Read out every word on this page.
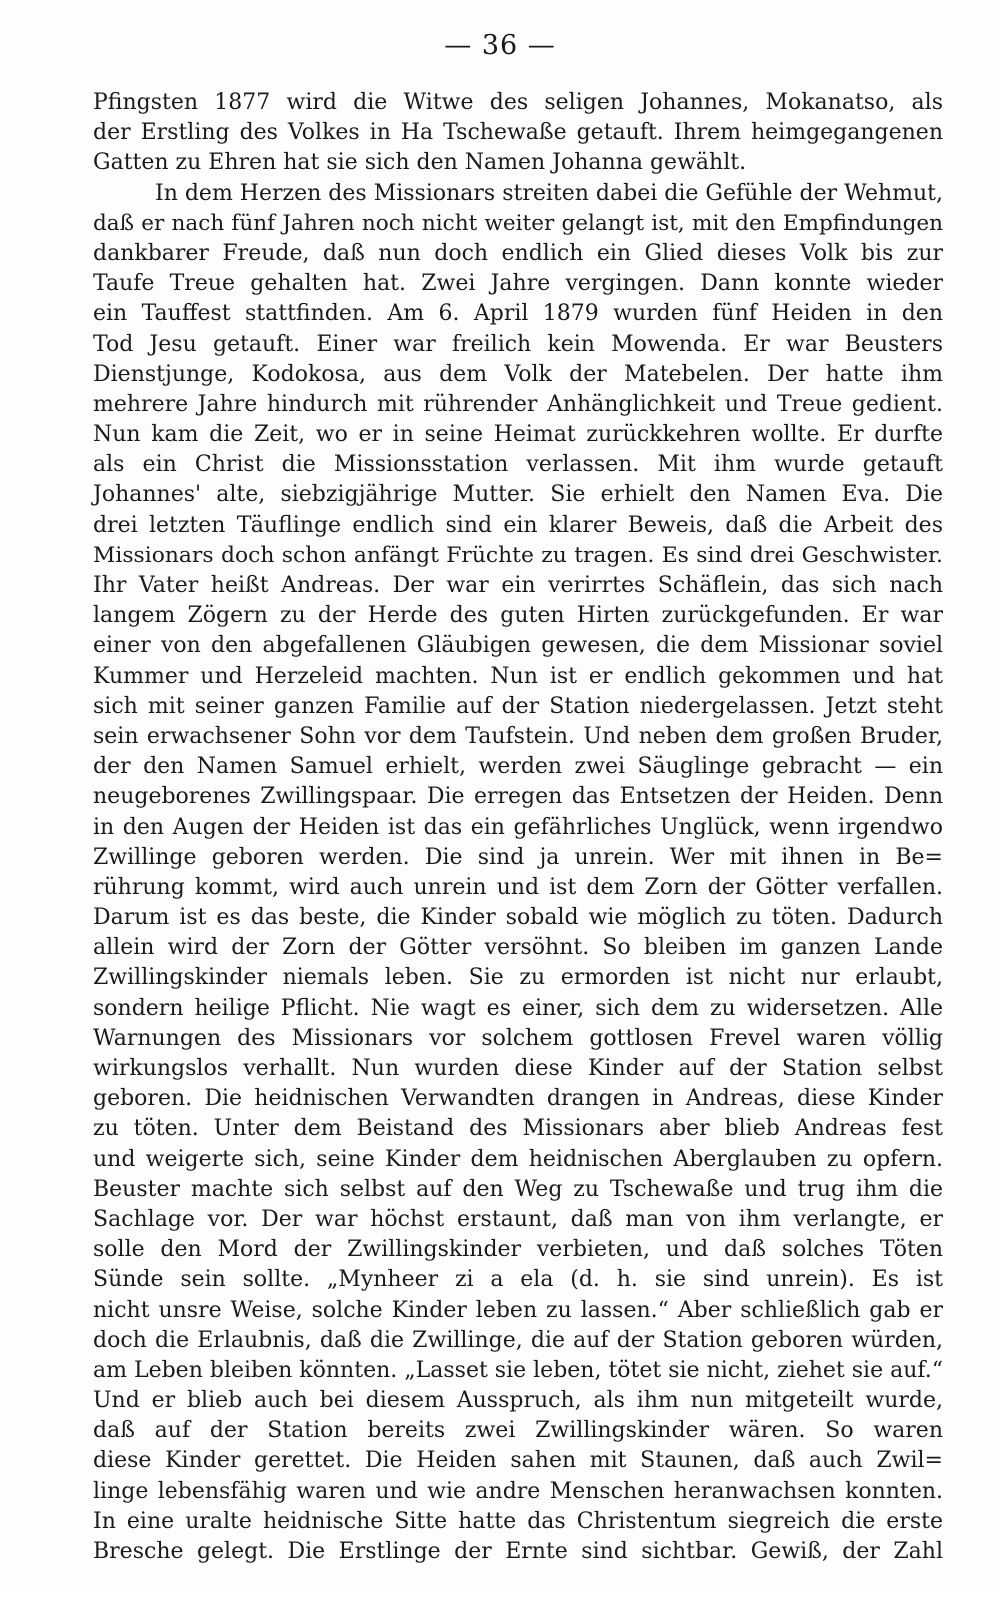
— 36 —
Pfingsten 1877 wird die Witwe des seligen Johannes, Mokanatso, als
der Erstling des Volkes in Ha Tschewaße getauft. Ihrem heimgegangenen
Gatten zu Ehren hat sie sich den Namen Johanna gewählt.
In dem Herzen des Missionars streiten dabei die Gefühle der Wehmut,
daß er nach fünf Jahren noch nicht weiter gelangt ist, mit den Empfindungen
dankbarer Freude, daß nun doch endlich ein Glied dieses Volk bis zur
Taufe Treue gehalten hat. Zwei Jahre vergingen. Dann konnte wieder
ein Tauffest stattfinden. Am 6. April 1879 wurden fünf Heiden in den
Tod Jesu getauft. Einer war freilich kein Mowenda. Er war Beusters
Dienstjunge, Kodokosa, aus dem Volk der Matebelen. Der hatte ihm
mehrere Jahre hindurch mit rührender Anhänglichkeit und Treue gedient.
Nun kam die Zeit, wo er in seine Heimat zurückkehren wollte. Er durfte
als ein Christ die Missionsstation verlassen. Mit ihm wurde getauft
Johannes' alte, siebzigjährige Mutter. Sie erhielt den Namen Eva. Die
drei letzten Täuflinge endlich sind ein klarer Beweis, daß die Arbeit des
Missionars doch schon anfängt Früchte zu tragen. Es sind drei Geschwister.
Ihr Vater heißt Andreas. Der war ein verirrtes Schäflein, das sich nach
langem Zögern zu der Herde des guten Hirten zurückgefunden. Er war
einer von den abgefallenen Gläubigen gewesen, die dem Missionar soviel
Kummer und Herzeleid machten. Nun ist er endlich gekommen und hat
sich mit seiner ganzen Familie auf der Station niedergelassen. Jetzt steht
sein erwachsener Sohn vor dem Taufstein. Und neben dem großen Bruder,
der den Namen Samuel erhielt, werden zwei Säuglinge gebracht — ein
neugeborenes Zwillingspaar. Die erregen das Entsetzen der Heiden. Denn
in den Augen der Heiden ist das ein gefährliches Unglück, wenn irgendwo
Zwillinge geboren werden. Die sind ja unrein. Wer mit ihnen in Be=
rührung kommt, wird auch unrein und ist dem Zorn der Götter verfallen.
Darum ist es das beste, die Kinder sobald wie möglich zu töten. Dadurch
allein wird der Zorn der Götter versöhnt. So bleiben im ganzen Lande
Zwillingskinder niemals leben. Sie zu ermorden ist nicht nur erlaubt,
sondern heilige Pflicht. Nie wagt es einer, sich dem zu widersetzen. Alle
Warnungen des Missionars vor solchem gottlosen Frevel waren völlig
wirkungslos verhallt. Nun wurden diese Kinder auf der Station selbst
geboren. Die heidnischen Verwandten drangen in Andreas, diese Kinder
zu töten. Unter dem Beistand des Missionars aber blieb Andreas fest
und weigerte sich, seine Kinder dem heidnischen Aberglauben zu opfern.
Beuster machte sich selbst auf den Weg zu Tschewaße und trug ihm die
Sachlage vor. Der war höchst erstaunt, daß man von ihm verlangte, er
solle den Mord der Zwillingskinder verbieten, und daß solches Töten
Sünde sein sollte. „Mynheer zi a ela (d. h. sie sind unrein). Es ist
nicht unsre Weise, solche Kinder leben zu lassen.“ Aber schließlich gab er
doch die Erlaubnis, daß die Zwillinge, die auf der Station geboren würden,
am Leben bleiben könnten. „Lasset sie leben, tötet sie nicht, ziehet sie auf.“
Und er blieb auch bei diesem Ausspruch, als ihm nun mitgeteilt wurde,
daß auf der Station bereits zwei Zwillingskinder wären. So waren
diese Kinder gerettet. Die Heiden sahen mit Staunen, daß auch Zwil=
linge lebensfähig waren und wie andre Menschen heranwachsen konnten.
In eine uralte heidnische Sitte hatte das Christentum siegreich die erste
Bresche gelegt. Die Erstlinge der Ernte sind sichtbar. Gewiß, der Zahl
